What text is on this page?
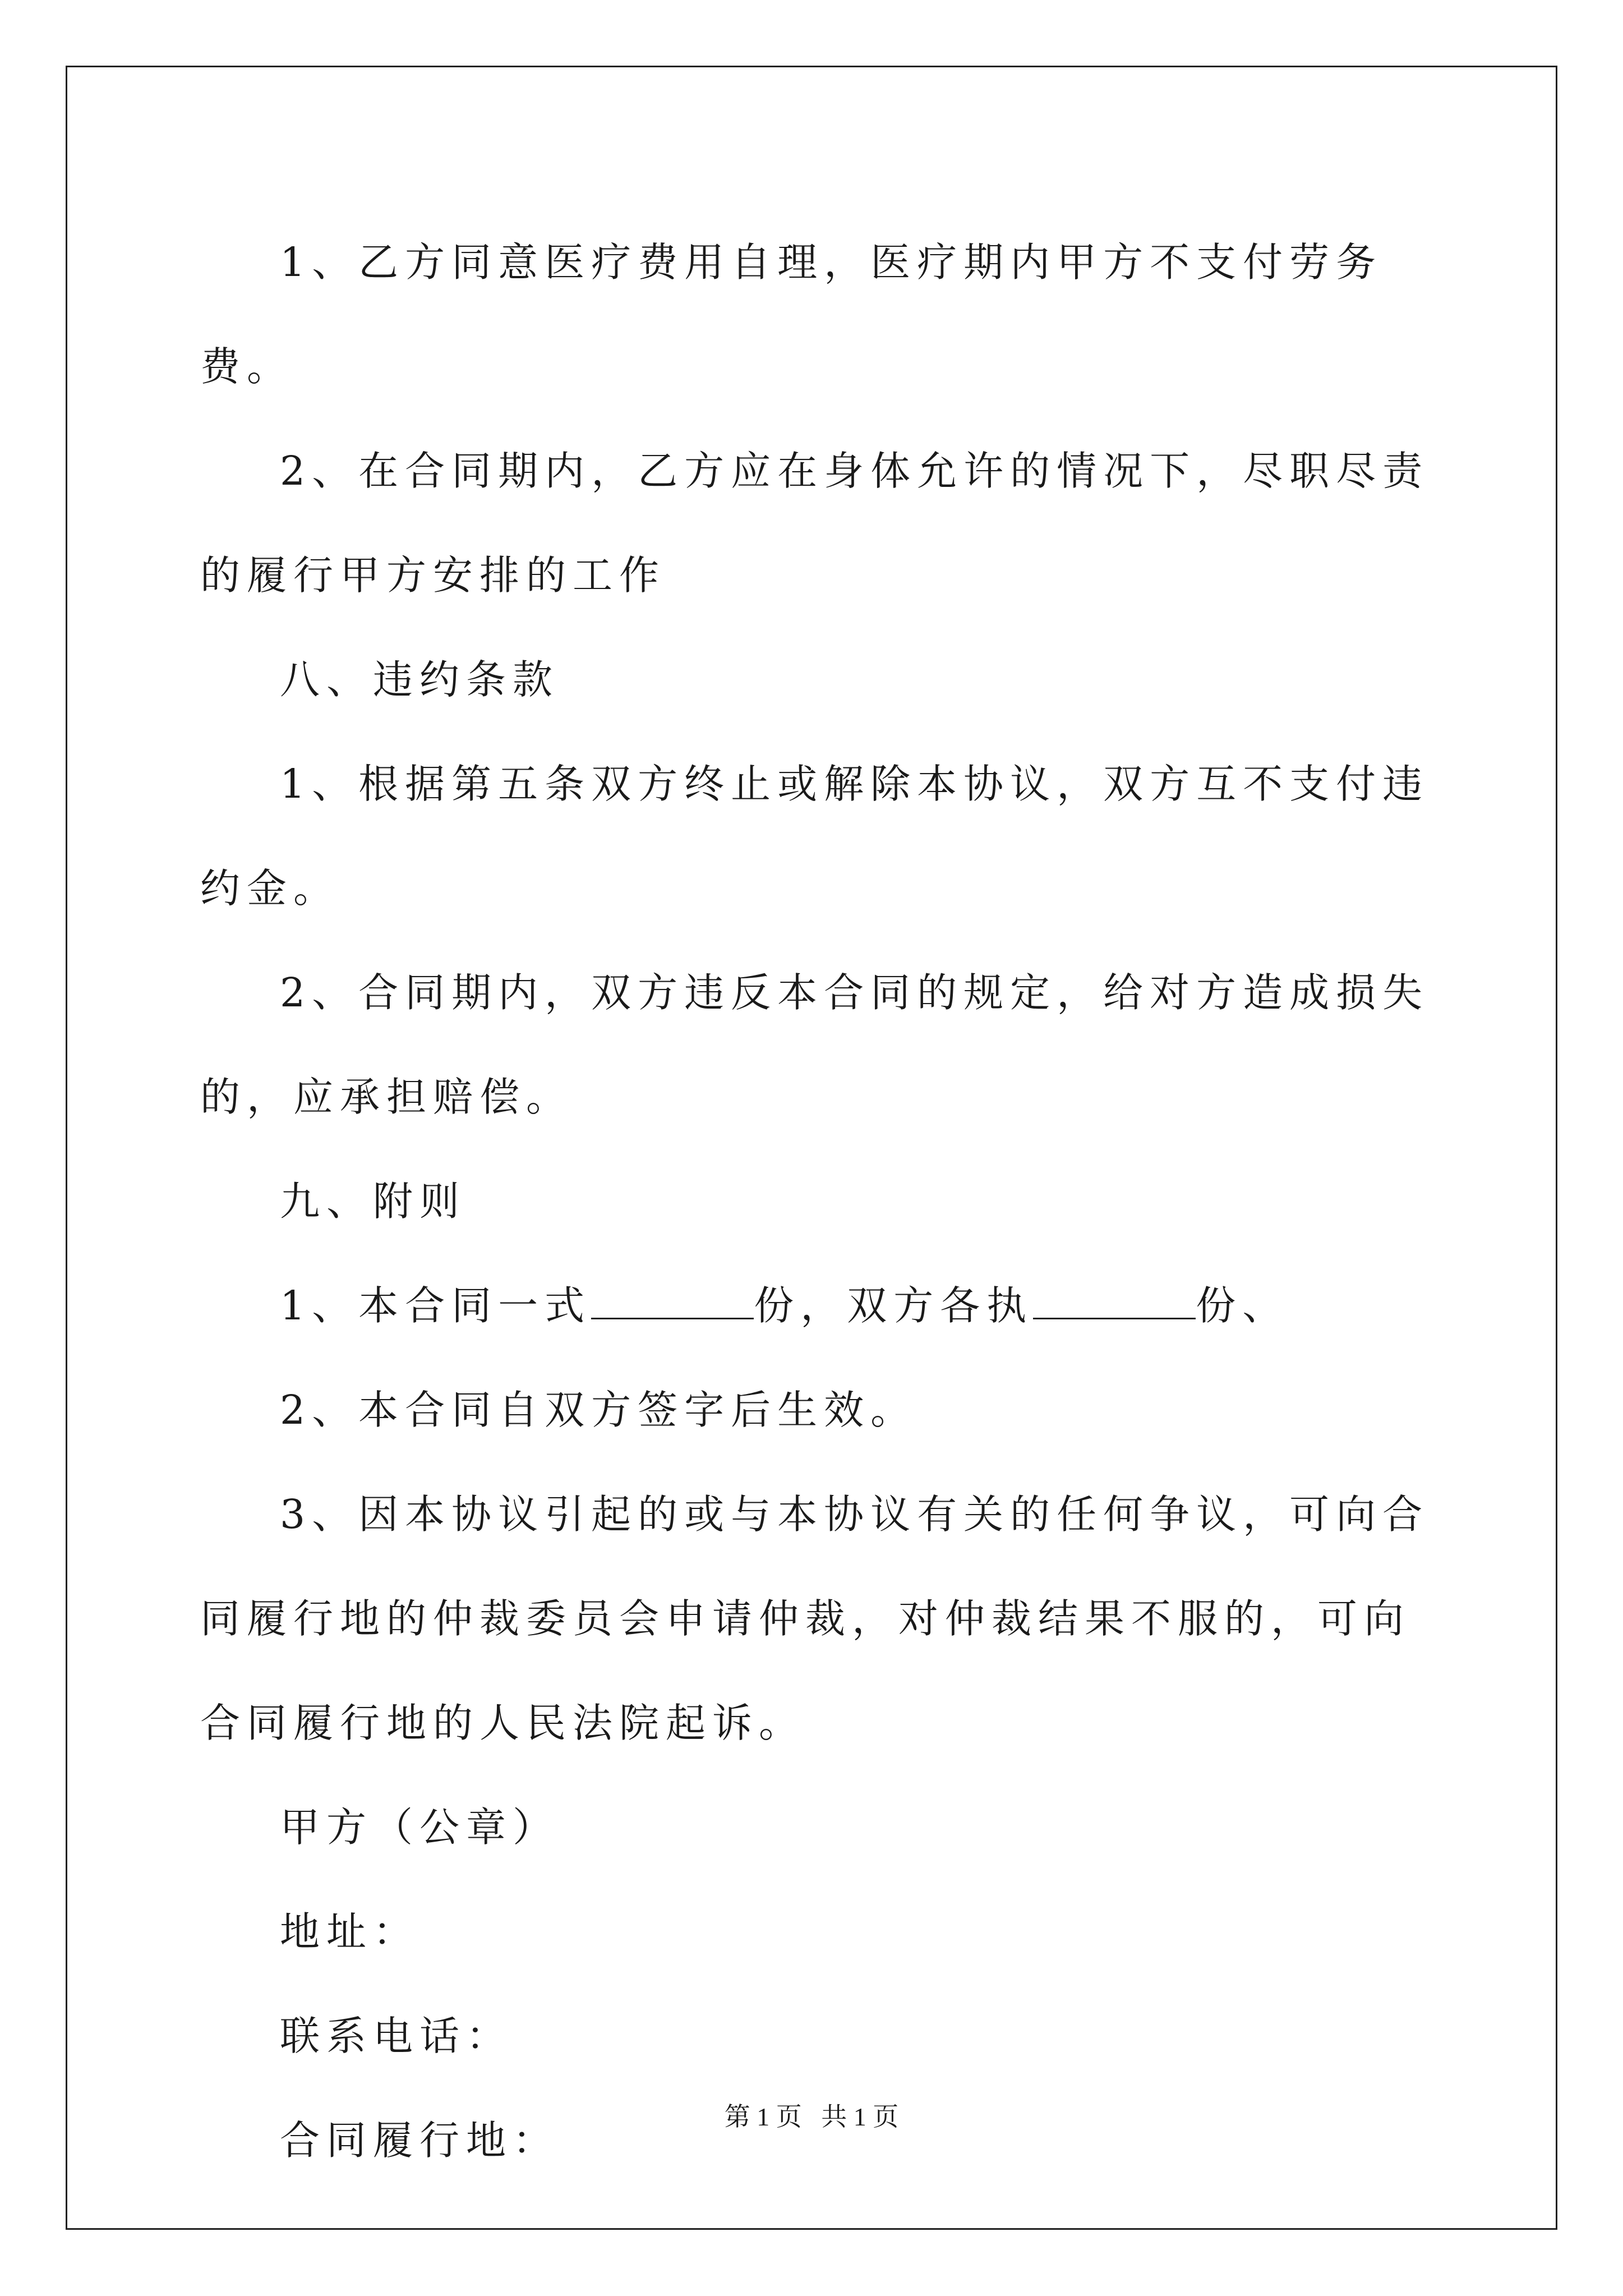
1、乙方同意医疗费用自理，医疗期内甲方不支付劳务费。

2、在合同期内，乙方应在身体允许的情况下，尽职尽责的履行甲方安排的工作

八、违约条款

1、根据第五条双方终止或解除本协议，双方互不支付违约金。

2、合同期内，双方违反本合同的规定，给对方造成损失的，应承担赔偿。

九、附则

1、本合同一式	份，双方各执	份、

2、本合同自双方签字后生效。

3、因本协议引起的或与本协议有关的任何争议，可向合同履行地的仲裁委员会申请仲裁，对仲裁结果不服的，可向合同履行地的人民法院起诉。

甲方（公章）

地址：

联系电话：

合同履行地：

第 1 页 共 1 页
